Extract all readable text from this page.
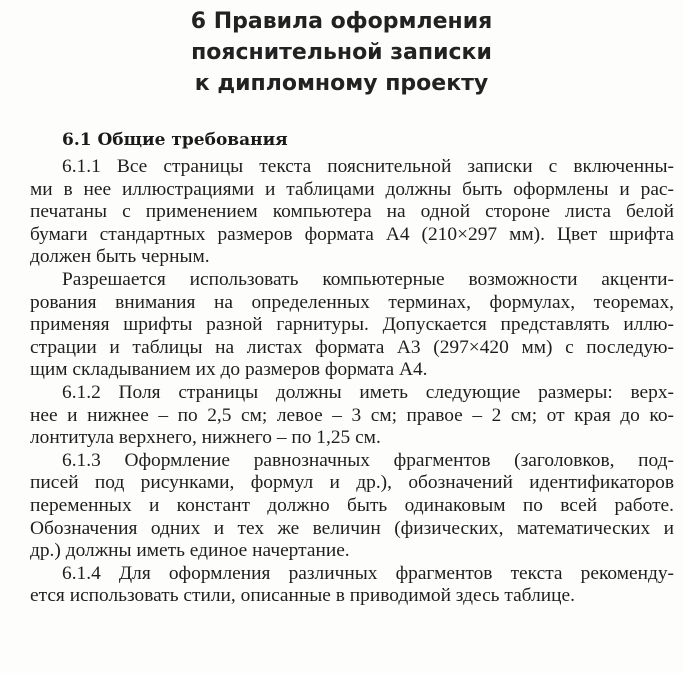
6 Правила оформления
пояснительной записки
к дипломному проекту
6.1 Общие требования
6.1.1 Все страницы текста пояснительной записки с включенны-
ми в нее иллюстрациями и таблицами должны быть оформлены и рас-
печатаны с применением компьютера на одной стороне листа белой
бумаги стандартных размеров формата А4 (210×297 мм). Цвет шрифта
должен быть черным.
Разрешается использовать компьютерные возможности акценти-
рования внимания на определенных терминах, формулах, теоремах,
применяя шрифты разной гарнитуры. Допускается представлять иллю-
страции и таблицы на листах формата А3 (297×420 мм) с последую-
щим складыванием их до размеров формата А4.
6.1.2 Поля страницы должны иметь следующие размеры: верх-
нее и нижнее – по 2,5 см; левое – 3 см; правое – 2 см; от края до ко-
лонтитула верхнего, нижнего – по 1,25 см.
6.1.3 Оформление равнозначных фрагментов (заголовков, под-
писей под рисунками, формул и др.), обозначений идентификаторов
переменных и констант должно быть одинаковым по всей работе.
Обозначения одних и тех же величин (физических, математических и
др.) должны иметь единое начертание.
6.1.4 Для оформления различных фрагментов текста рекоменду-
ется использовать стили, описанные в приводимой здесь таблице.
